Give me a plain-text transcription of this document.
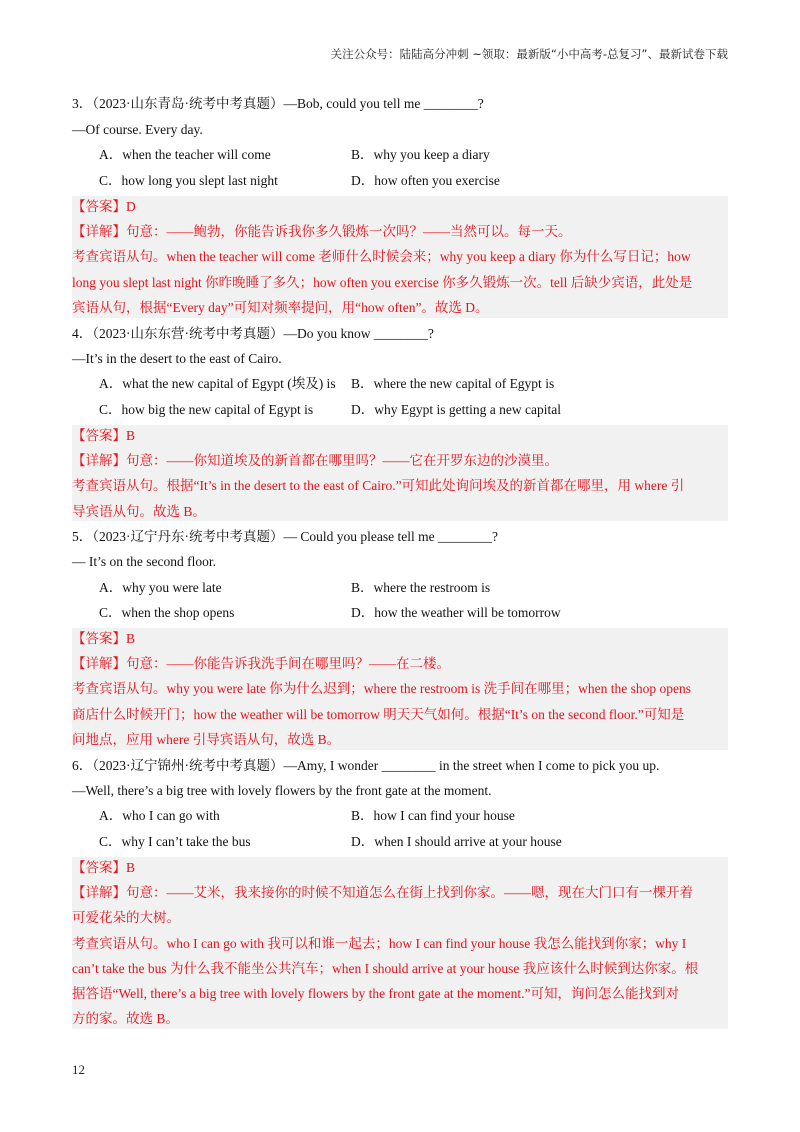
关注公众号：陆陆高分冲刺 ~领取：最新版“小中高考-总复习”、最新试卷下载
3．（2023·山东青岛·统考中考真题）—Bob, could you tell me ________?
—Of course. Every day.
A．when the teacher will come	B．why you keep a diary
C．how long you slept last night	D．how often you exercise
【答案】D
【详解】句意：——鲍勃，你能告诉我你多久锻炼一次吗？——当然可以。每一天。
考查宾语从句。when the teacher will come 老师什么时候会来；why you keep a diary 你为什么写日记；how
long you slept last night 你昨晚睡了多久；how often you exercise 你多久锻炼一次。tell 后缺少宾语，此处是
宾语从句，根据“Every day”可知对频率提问，用“how often”。故选 D。
4．（2023·山东东营·统考中考真题）—Do you know ________?
—It’s in the desert to the east of Cairo.
A．what the new capital of Egypt (埃及) is B．where the new capital of Egypt is
C．how big the new capital of Egypt is	D．why Egypt is getting a new capital
【答案】B
【详解】句意：——你知道埃及的新首都在哪里吗？——它在开罗东边的沙漠里。
考查宾语从句。根据“It’s in the desert to the east of Cairo.”可知此处询问埃及的新首都在哪里，用 where 引
导宾语从句。故选 B。
5．（2023·辽宁丹东·统考中考真题）— Could you please tell me ________?
— It’s on the second floor.
A．why you were late	B．where the restroom is
C．when the shop opens	D．how the weather will be tomorrow
【答案】B
【详解】句意：——你能告诉我洗手间在哪里吗？——在二楼。
考查宾语从句。why you were late 你为什么迟到；where the restroom is 洗手间在哪里；when the shop opens
商店什么时候开门；how the weather will be tomorrow 明天天气如何。根据“It’s on the second floor.”可知是
问地点，应用 where 引导宾语从句，故选 B。
6．（2023·辽宁锦州·统考中考真题）—Amy, I wonder ________ in the street when I come to pick you up.
—Well, there’s a big tree with lovely flowers by the front gate at the moment.
A．who I can go with	B．how I can find your house
C．why I can’t take the bus	D．when I should arrive at your house
【答案】B
【详解】句意：——艾米，我来接你的时候不知道怎么在街上找到你家。——嗯，现在大门口有一棵开着
可爱花朵的大树。
考查宾语从句。who I can go with 我可以和谁一起去；how I can find your house 我怎么能找到你家；why I
can’t take the bus 为什么我不能坐公共汽车；when I should arrive at your house 我应该什么时候到达你家。根
据答语“Well, there’s a big tree with lovely flowers by the front gate at the moment.”可知，询问怎么能找到对
方的家。故选 B。
12
